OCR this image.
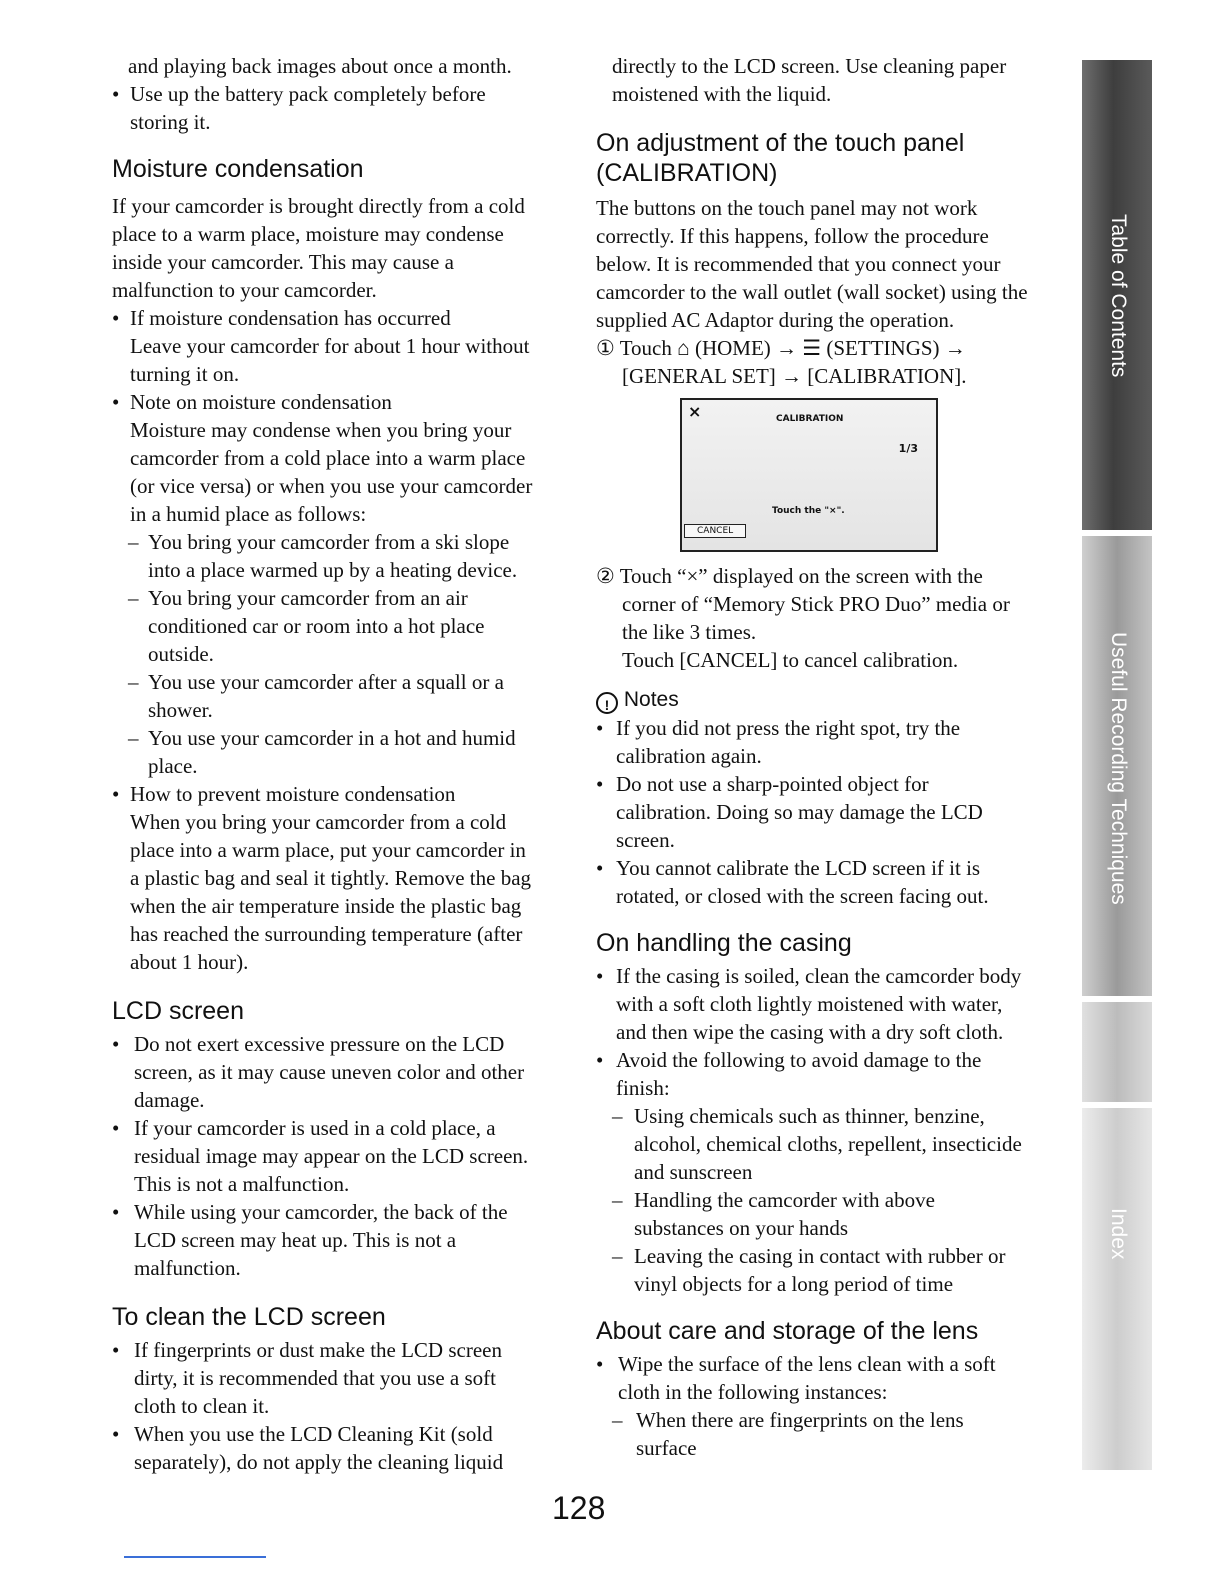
and playing back images about once a month.

• Use up the battery pack completely before storing it.
Moisture condensation

If your camcorder is brought directly from a cold place to a warm place, moisture may condense inside your camcorder. This may cause a malfunction to your camcorder.

• If moisture condensation has occurred
Leave your camcorder for about 1 hour without turning it on.
• Note on moisture condensation
Moisture may condense when you bring your camcorder from a cold place into a warm place (or vice versa) or when you use your camcorder in a humid place as follows:
– You bring your camcorder from a ski slope into a place warmed up by a heating device.
– You bring your camcorder from an air conditioned car or room into a hot place outside.
– You use your camcorder after a squall or a shower.
– You use your camcorder in a hot and humid place.
• How to prevent moisture condensation
When you bring your camcorder from a cold place into a warm place, put your camcorder in a plastic bag and seal it tightly. Remove the bag when the air temperature inside the plastic bag has reached the surrounding temperature (after about 1 hour).
LCD screen
• Do not exert excessive pressure on the LCD screen, as it may cause uneven color and other damage.
• If your camcorder is used in a cold place, a residual image may appear on the LCD screen. This is not a malfunction.
• While using your camcorder, the back of the LCD screen may heat up. This is not a malfunction.
To clean the LCD screen
• If fingerprints or dust make the LCD screen dirty, it is recommended that you use a soft cloth to clean it.
• When you use the LCD Cleaning Kit (sold separately), do not apply the cleaning liquid

directly to the LCD screen. Use cleaning paper moistened with the liquid.

On adjustment of the touch panel (CALIBRATION)

The buttons on the touch panel may not work correctly. If this happens, follow the procedure below. It is recommended that you connect your camcorder to the wall outlet (wall socket) using the supplied AC Adaptor during the operation.

① Touch ⌂ (HOME) → ☰ (SETTINGS) → [GENERAL SET] → [CALIBRATION].

×	CALIBRATION
1/3
Touch the "×".
CANCEL

② Touch “×” displayed on the screen with the corner of “Memory Stick PRO Duo” media or the like 3 times.

Touch [CANCEL] to cancel calibration.

! Notes
• If you did not press the right spot, try the calibration again.
• Do not use a sharp-pointed object for calibration. Doing so may damage the LCD screen.
• You cannot calibrate the LCD screen if it is rotated, or closed with the screen facing out.
On handling the casing
• If the casing is soiled, clean the camcorder body with a soft cloth lightly moistened with water, and then wipe the casing with a dry soft cloth.
• Avoid the following to avoid damage to the finish:
– Using chemicals such as thinner, benzine, alcohol, chemical cloths, repellent, insecticide and sunscreen
– Handling the camcorder with above substances on your hands
– Leaving the casing in contact with rubber or vinyl objects for a long period of time
About care and storage of the lens
• Wipe the surface of the lens clean with a soft cloth in the following instances:
– When there are fingerprints on the lens surface
Table of Contents
Useful Recording Techniques
Index
128
